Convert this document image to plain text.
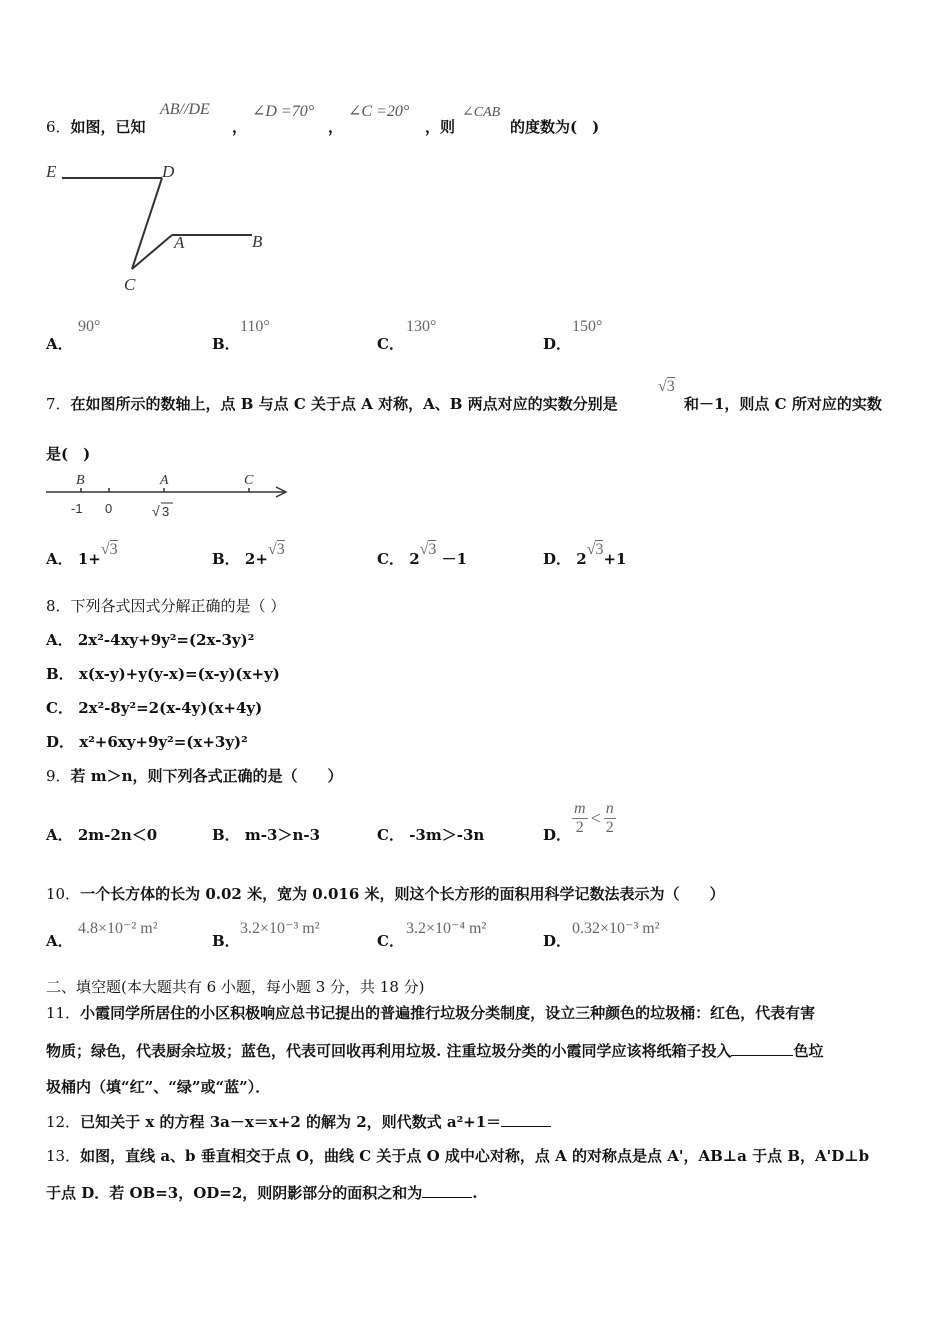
6．如图，已知
AB//DE
，
∠D =70°
，
∠C =20°
，则
∠CAB
的度数为(　)
E	D
A	B
C
A．
90°
B．
110°
C．
130°
D．
150°
7．在如图所示的数轴上，点 B 与点 C 关于点 A 对称，A、B 两点对应的实数分别是
√3
和－1，则点 C 所对应的实数
是(　)
B	A	C
-1 0	√ 3
A． 1+√3
B． 2+√3
C． 2√3 －1	D． 2√3+1
8．下列各式因式分解正确的是（ ）
A． 2x²-4xy+9y²=(2x-3y)²
B． x(x-y)+y(y-x)=(x-y)(x+y)
C． 2x²-8y²=2(x-4y)(x+4y)
D． x²+6xy+9y²=(x+3y)²
9．若 m＞n，则下列各式正确的是（　　）
A． 2m-2n＜0	B． m-3＞n-3	C． -3m＞-3n	D． $\frac{m}{2} < \frac{n}{2}$
10．一个长方体的长为 0.02 米，宽为 0.016 米，则这个长方形的面积用科学记数法表示为（　　）
A．
4.8×10⁻² m²
B．
3.2×10⁻³ m²
C．
3.2×10⁻⁴ m²
D．
0.32×10⁻³ m²
二、填空题(本大题共有 6 小题，每小题 3 分，共 18 分)
11．小霞同学所居住的小区积极响应总书记提出的普遍推行垃圾分类制度，设立三种颜色的垃圾桶：红色，代表有害
物质；绿色，代表厨余垃圾；蓝色，代表可回收再利用垃圾. 注重垃圾分类的小霞同学应该将纸箱子投入	色垃
圾桶内（填“红”、“绿”或“蓝”）．
12．已知关于 x 的方程 3a－x＝x+2 的解为 2，则代数式 a²+1＝
13．如图，直线 a、b 垂直相交于点 O，曲线 C 关于点 O 成中心对称，点 A 的对称点是点 A'，AB⊥a 于点 B，A'D⊥b
于点 D．若 OB=3，OD=2，则阴影部分的面积之和为	.
